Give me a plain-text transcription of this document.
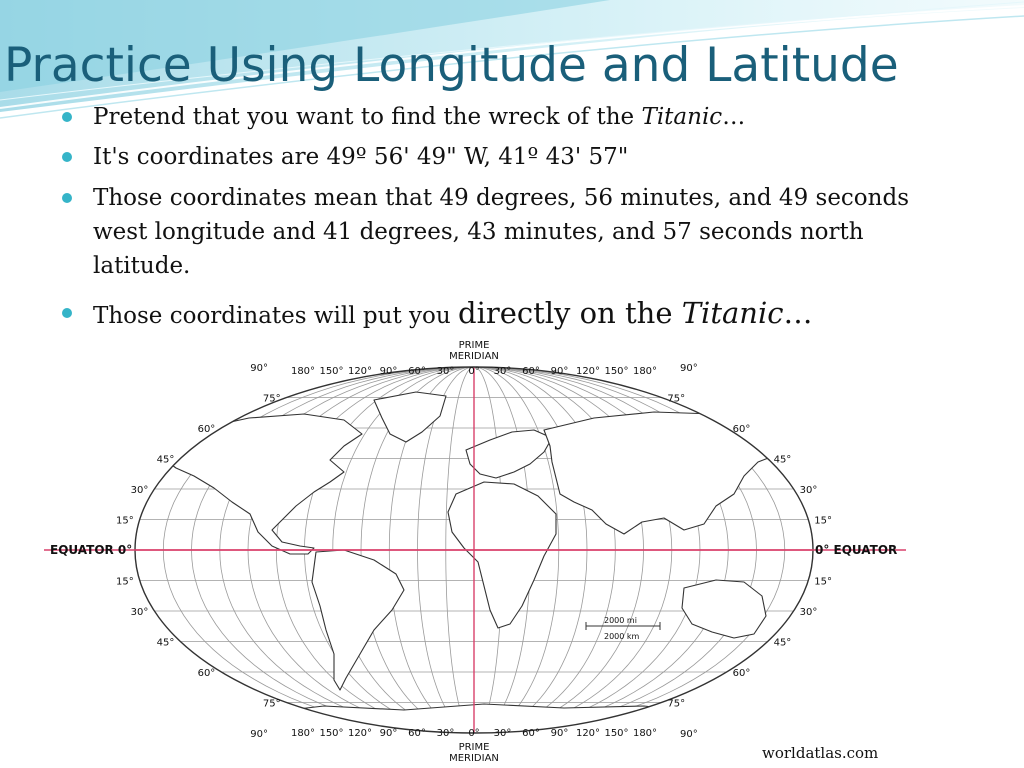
Practice Using Longitude and Latitude
Pretend that you want to find the wreck of the Titanic…
It's coordinates are 49º 56' 49" W, 41º 43' 57"
Those coordinates mean that 49 degrees, 56 minutes, and 49 seconds west longitude and 41 degrees, 43 minutes, and 57 seconds north latitude.
Those coordinates will put you directly on the Titanic…
PRIME
MERIDIAN
PRIME
MERIDIAN
EQUATOR 0°	0° EQUATOR
180° 150° 120° 90° 60° 30° 0° 30° 60° 90° 120° 150° 180°
180° 150° 120° 90° 60° 30° 0° 30° 60° 90° 120° 150° 180°
90°
75°
60°
45°
30°
15°
15°
30°
45°
60°
75°
90°
90°
75°
60°
45°
30°
15°
15°
30°
45°
60°
75°
90°
2000 mi
2000 km
worldatlas.com
